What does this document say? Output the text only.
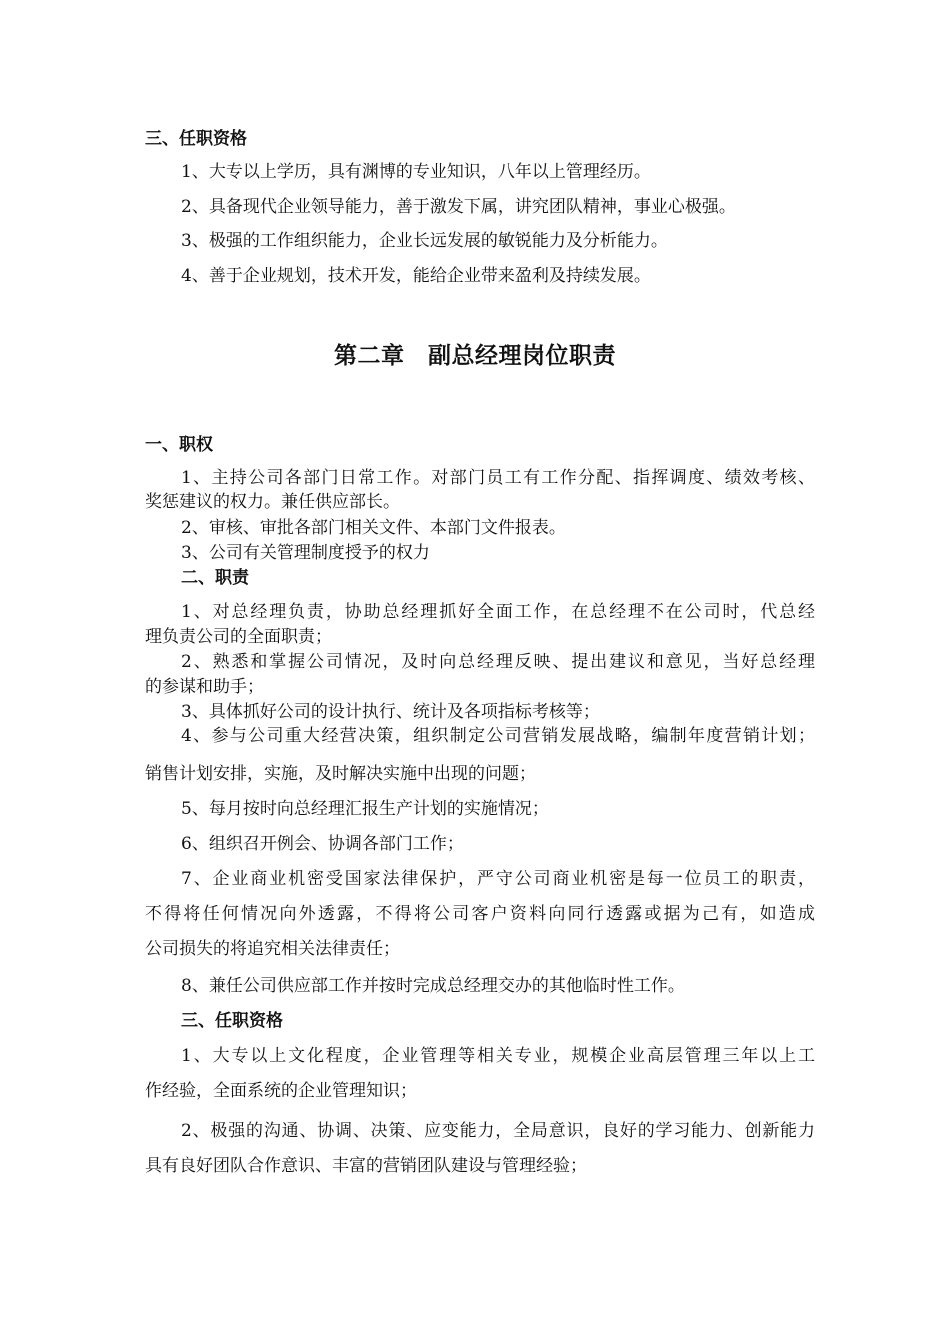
三、任职资格
1、大专以上学历，具有渊博的专业知识，八年以上管理经历。
2、具备现代企业领导能力，善于激发下属，讲究团队精神，事业心极强。
3、极强的工作组织能力，企业长远发展的敏锐能力及分析能力。
4、善于企业规划，技术开发，能给企业带来盈利及持续发展。
第二章　副总经理岗位职责
一、职权
1、主持公司各部门日常工作。对部门员工有工作分配、指挥调度、绩效考核、
奖惩建议的权力。兼任供应部长。
2、审核、审批各部门相关文件、本部门文件报表。
3、公司有关管理制度授予的权力
二、职责
1、对总经理负责，协助总经理抓好全面工作，在总经理不在公司时，代总经
理负责公司的全面职责；
2、熟悉和掌握公司情况，及时向总经理反映、提出建议和意见，当好总经理
的参谋和助手；
3、具体抓好公司的设计执行、统计及各项指标考核等；
4、参与公司重大经营决策，组织制定公司营销发展战略，编制年度营销计划；
销售计划安排，实施，及时解决实施中出现的问题；
5、每月按时向总经理汇报生产计划的实施情况；
6、组织召开例会、协调各部门工作；
7、企业商业机密受国家法律保护，严守公司商业机密是每一位员工的职责，
不得将任何情况向外透露，不得将公司客户资料向同行透露或据为己有，如造成
公司损失的将追究相关法律责任；
8、兼任公司供应部工作并按时完成总经理交办的其他临时性工作。
三、任职资格
1、大专以上文化程度，企业管理等相关专业，规模企业高层管理三年以上工
作经验，全面系统的企业管理知识；
2、极强的沟通、协调、决策、应变能力，全局意识，良好的学习能力、创新能力
具有良好团队合作意识、丰富的营销团队建设与管理经验；
